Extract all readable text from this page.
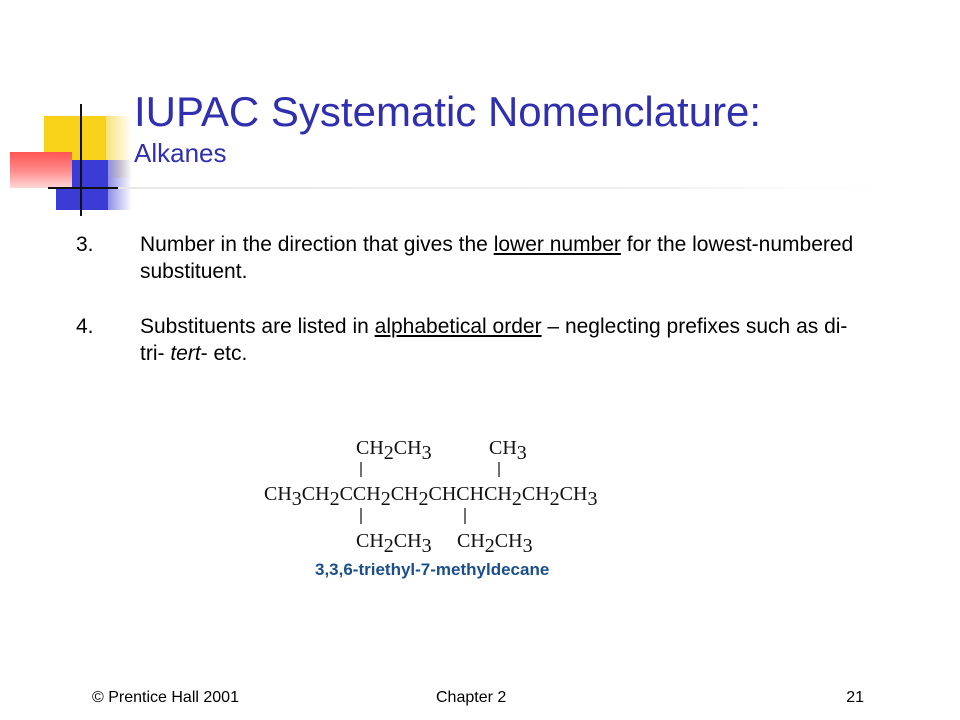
IUPAC Systematic Nomenclature:
Alkanes
3.	Number in the direction that gives the lower number for the lowest-numbered substituent.
4.	Substituents are listed in alphabetical order – neglecting prefixes such as di- tri- tert- etc.
CH2CH3	CH3
CH3CH2CCH2CH2CHCHCH2CH2CH3
CH2CH3 CH2CH3
3,3,6-triethyl-7-methyldecane
© Prentice Hall 2001	Chapter 2	21
